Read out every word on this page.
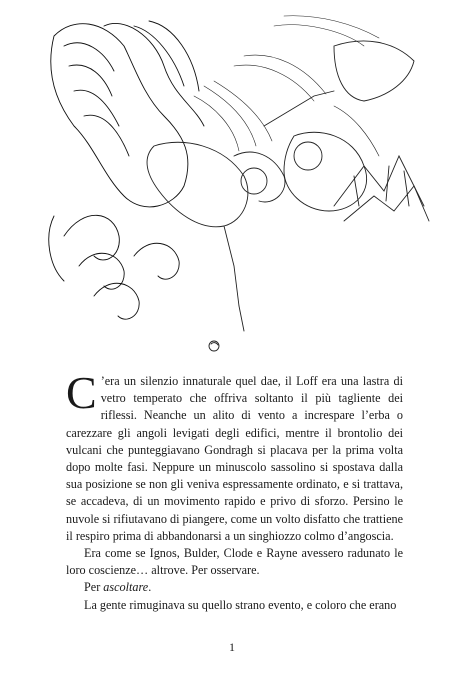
C ’era un silenzio innaturale quel dae, il Loff era una lastra di vetro temperato che offriva soltanto il più tagliente dei riflessi. Neanche un alito di vento a increspare l’erba o carezzare gli angoli levigati degli edifici, mentre il brontolio dei vulcani che punteggiavano Gondragh si placava per la prima volta dopo molte fasi. Neppure un minuscolo sassolino si spostava dalla sua posizione se non gli veniva espressamente ordinato, e si trattava, se accadeva, di un movimento rapido e privo di sforzo. Persino le nuvole si rifiutavano di piangere, come un volto disfatto che trattiene il respiro prima di abbandonarsi a un singhiozzo colmo d’angoscia.

Era come se Ignos, Bulder, Clode e Rayne avessero radunato le loro coscienze… altrove. Per osservare.

Per ascoltare.

La gente rimuginava su quello strano evento, e coloro che erano

1
